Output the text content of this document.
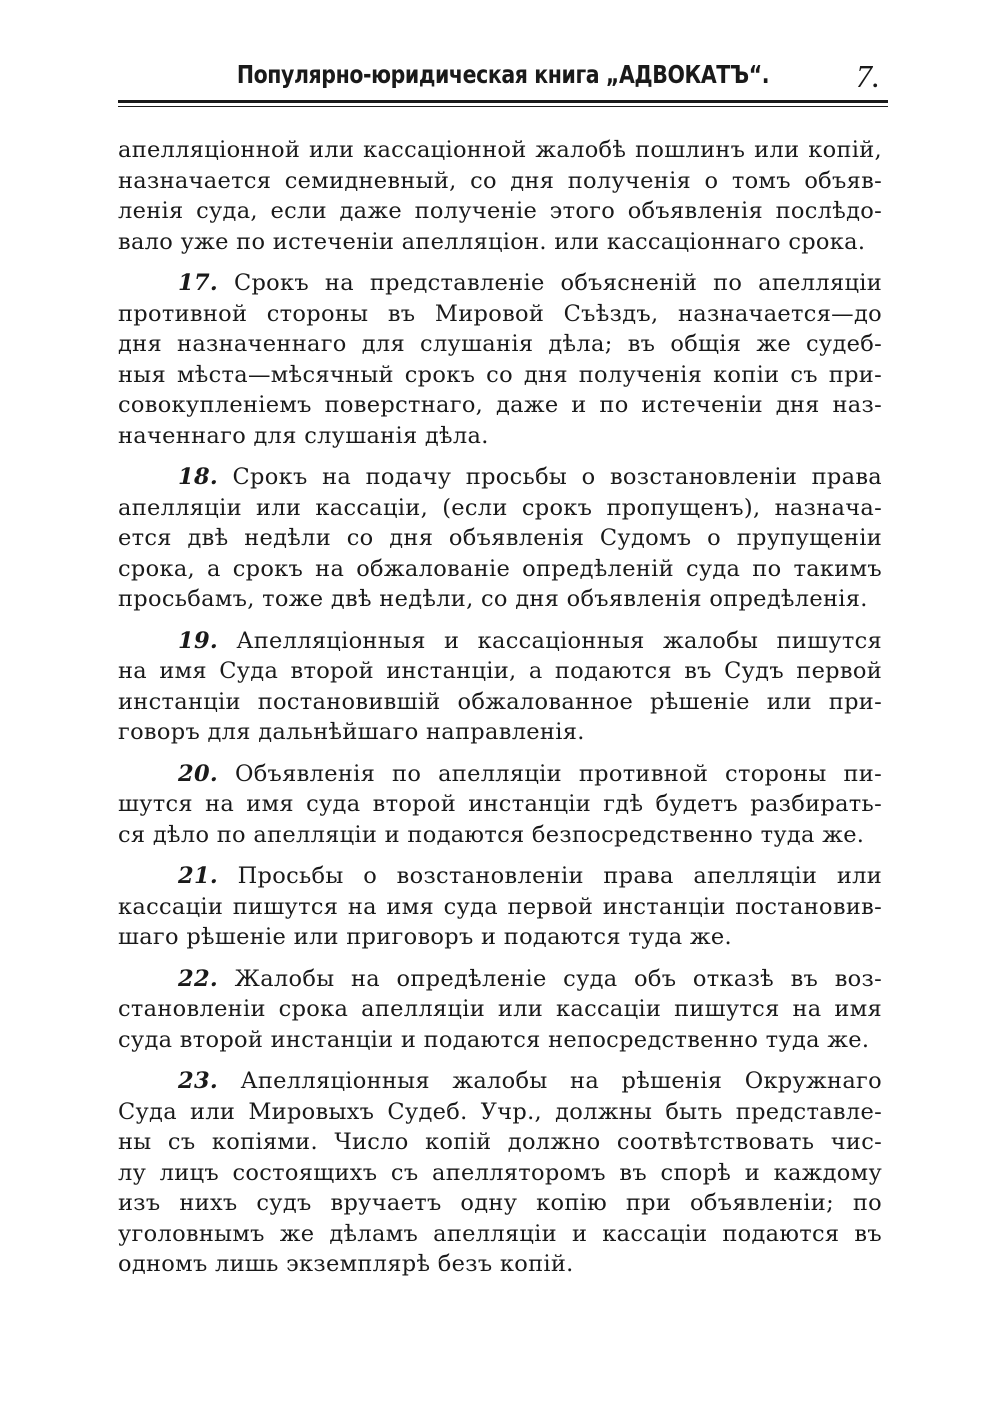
Популярно-юридическая книга „АДВОКАТЪ“.	7.

апелляціонной или кассаціонной жалобѣ пошлинъ или копій,
назначается семидневный, со дня полученія о томъ объяв-
ленія суда, если даже полученіе этого объявленія послѣдо-
вало уже по истеченіи апелляціон. или кассаціоннаго срока.

17. Срокъ на представленіе объясненій по апелляціи
противной стороны въ Мировой Съѣздъ, назначается—до
дня назначеннаго для слушанія дѣла; въ общія же судеб-
ныя мѣста—мѣсячный срокъ со дня полученія копіи съ при-
совокупленіемъ поверстнаго, даже и по истеченіи дня наз-
наченнаго для слушанія дѣла.

18. Срокъ на подачу просьбы о возстановленіи права
апелляціи или кассаціи, (если срокъ пропущенъ), назнача-
ется двѣ недѣли со дня объявленія Судомъ о прупущеніи
срока, а срокъ на обжалованіе опредѣленій суда по такимъ
просьбамъ, тоже двѣ недѣли, со дня объявленія опредѣленія.

19. Апелляціонныя и кассаціонныя жалобы пишутся
на имя Суда второй инстанціи, а подаются въ Судъ первой
инстанціи постановившій обжалованное рѣшеніе или при-
говоръ для дальнѣйшаго направленія.

20. Объявленія по апелляціи противной стороны пи-
шутся на имя суда второй инстанціи гдѣ будетъ разбирать-
ся дѣло по апелляціи и подаются безпосредственно туда же.

21. Просьбы о возстановленіи права апелляціи или
кассаціи пишутся на имя суда первой инстанціи постановив-
шаго рѣшеніе или приговоръ и подаются туда же.

22. Жалобы на опредѣленіе суда объ отказѣ въ воз-
становленіи срока апелляціи или кассаціи пишутся на имя
суда второй инстанціи и подаются непосредственно туда же.

23. Апелляціонныя жалобы на рѣшенія Окружнаго
Суда или Мировыхъ Судеб. Учр., должны быть представле-
ны съ копіями. Число копій должно соотвѣтствовать чис-
лу лицъ состоящихъ съ апелляторомъ въ спорѣ и каждому
изъ нихъ судъ вручаетъ одну копію при объявленіи; по
уголовнымъ же дѣламъ апелляціи и кассаціи подаются въ
одномъ лишь экземплярѣ безъ копій.
